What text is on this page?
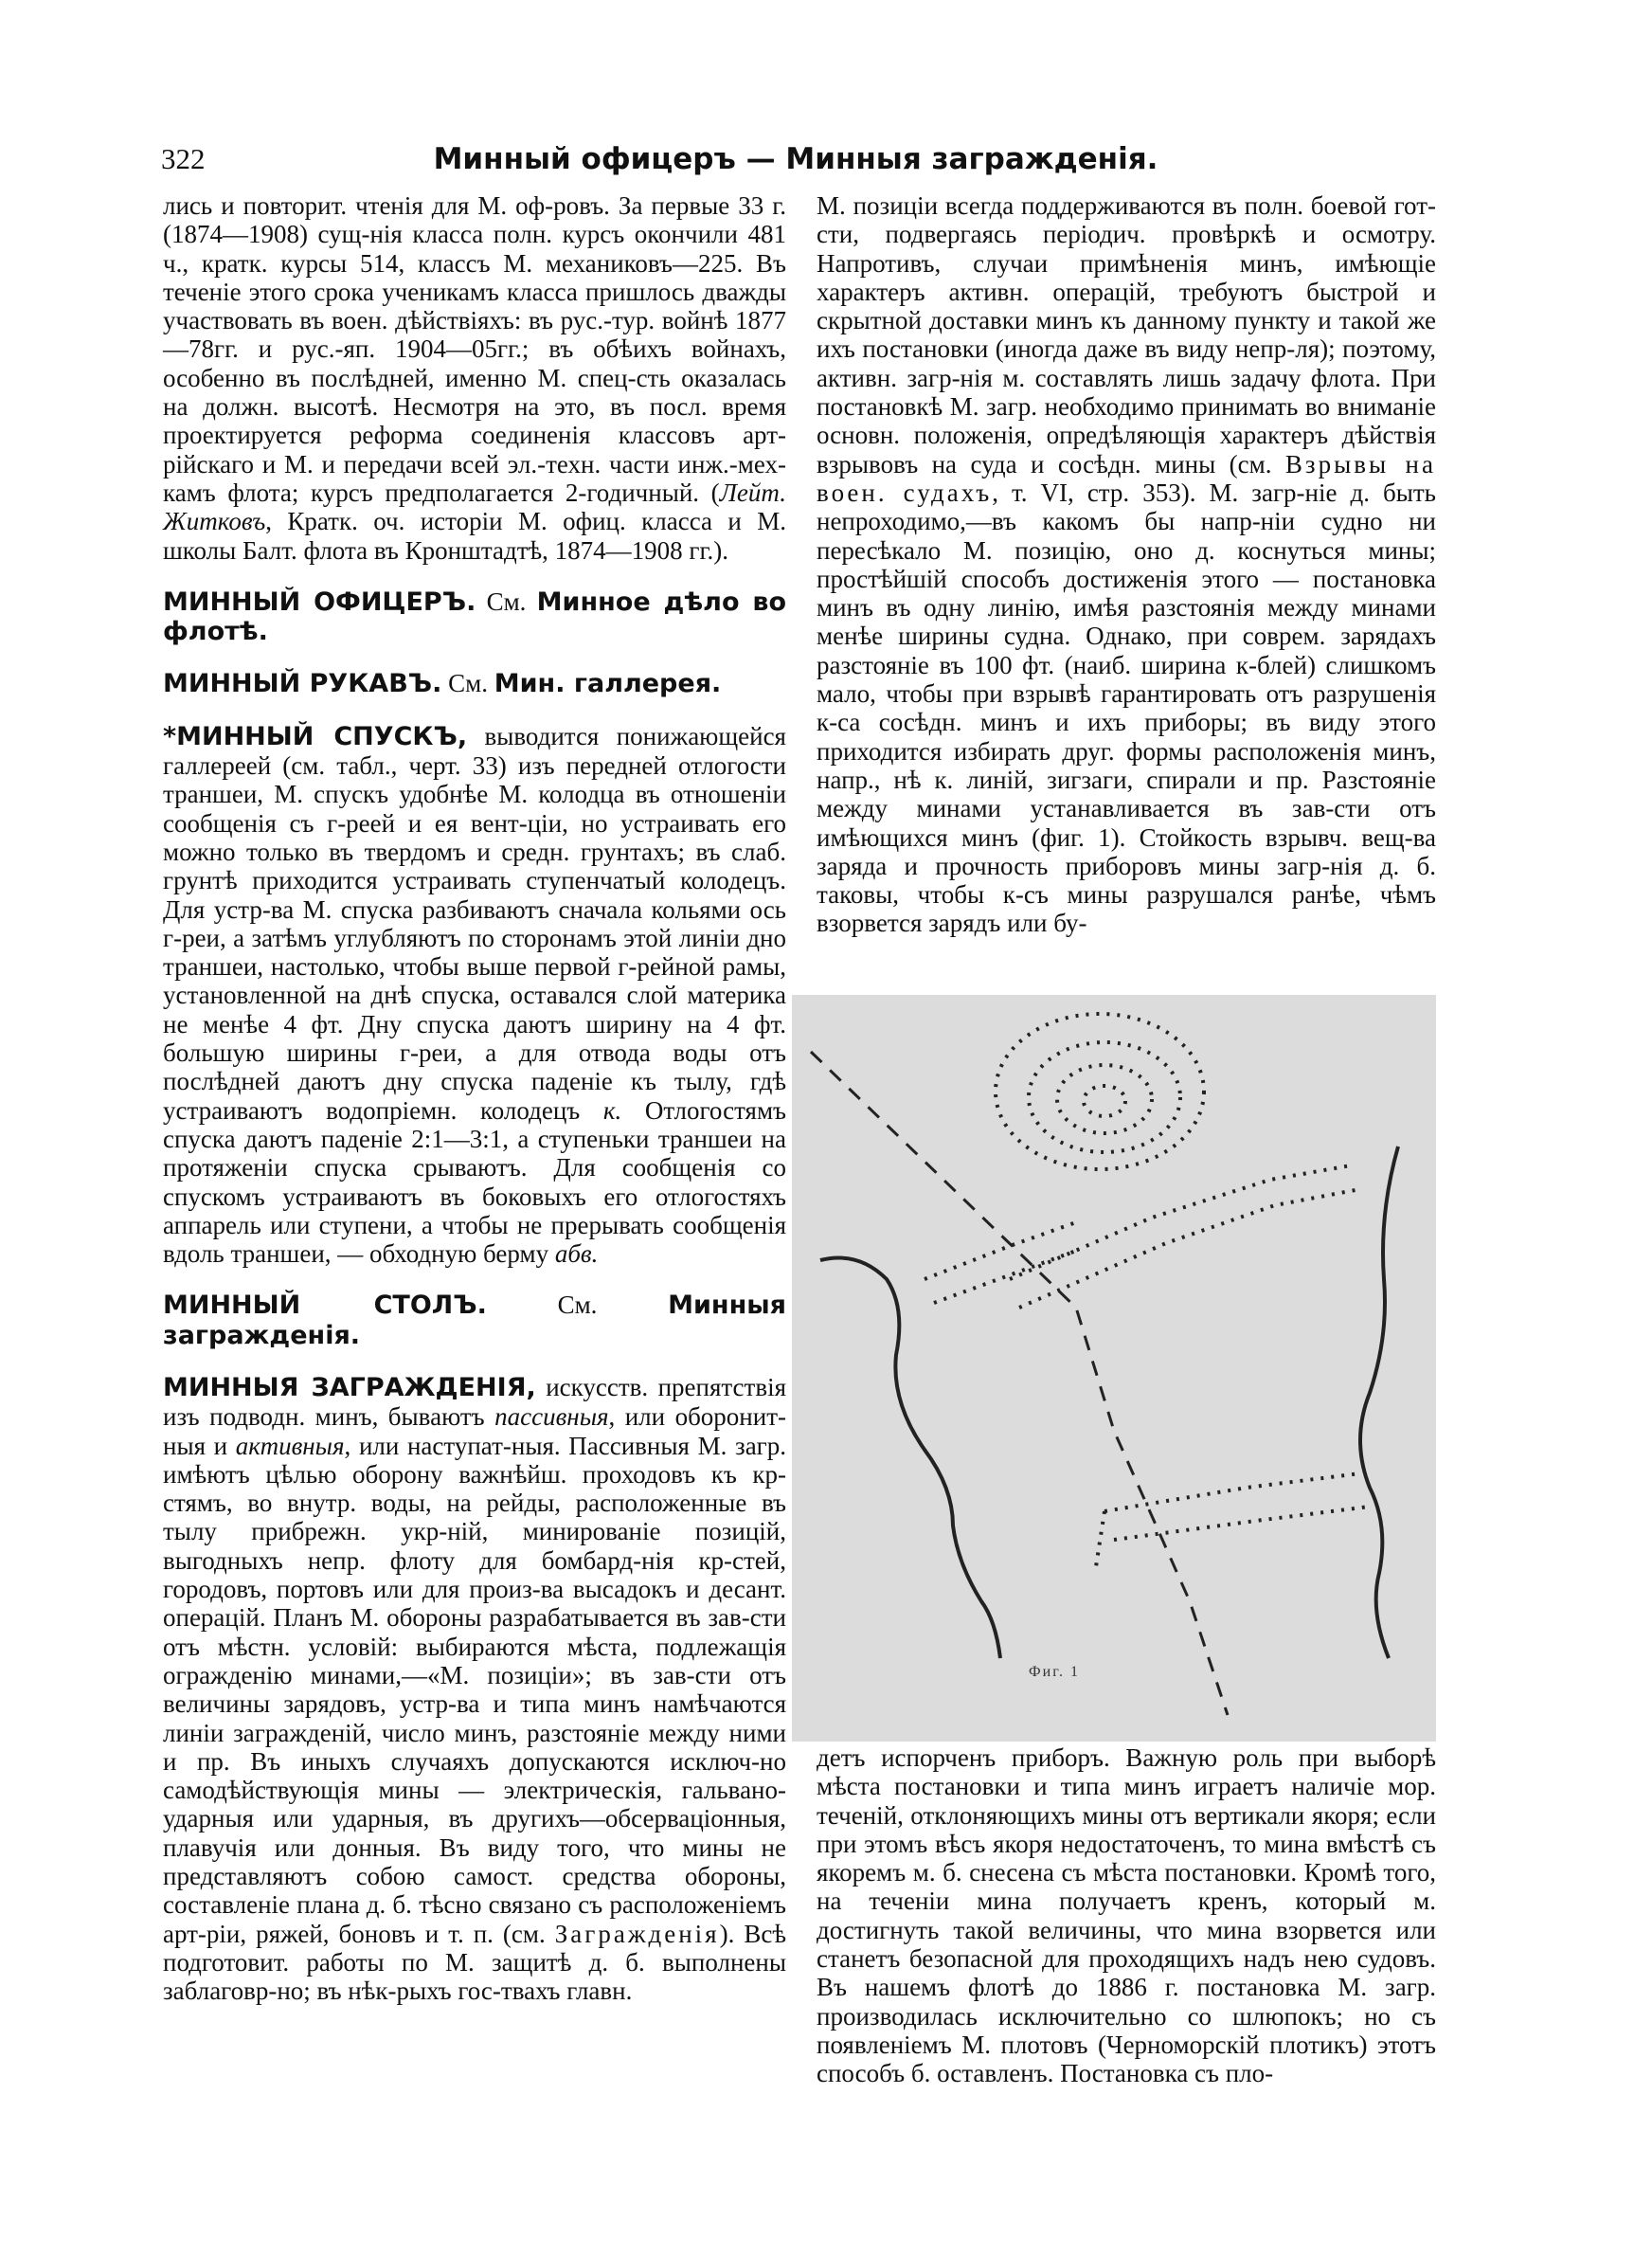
322	Минный офицеръ — Минныя загражденія.

лись и повторит. чтенія для М. оф-ровъ. За первые 33 г. (1874—1908) сущ-нія класса полн. курсъ окончили 481 ч., кратк. курсы 514, классъ М. механиковъ—225. Въ теченіе этого срока ученикамъ класса пришлось дважды участвовать въ воен. дѣйствіяхъ: въ рус.-тур. войнѣ 1877—78гг. и рус.-яп. 1904—05гг.; въ обѣихъ войнахъ, особенно въ послѣдней, именно М. спец-сть оказалась на должн. высотѣ. Несмотря на это, въ посл. время проектируется реформа соединенія классовъ арт-рійскаго и М. и передачи всей эл.-техн. части инж.-мех-камъ флота; курсъ предполагается 2-годичный. (Лейт. Житковъ, Кратк. оч. исторіи М. офиц. класса и М. школы Балт. флота въ Кронштадтѣ, 1874—1908 гг.).

МИННЫЙ ОФИЦЕРЪ. См. Минное дѣло во флотѣ.

МИННЫЙ РУКАВЪ. См. Мин. галлерея.

*МИННЫЙ СПУСКЪ, выводится понижающейся галлереей (см. табл., черт. 33) изъ передней отлогости траншеи, М. спускъ удобнѣе М. колодца въ отношеніи сообщенія съ г-реей и ея вент-ціи, но устраивать его можно только въ твердомъ и средн. грунтахъ; въ слаб. грунтѣ приходится устраивать ступенчатый колодецъ. Для устр-ва М. спуска разбиваютъ сначала кольями ось г-реи, а затѣмъ углубляютъ по сторонамъ этой линіи дно траншеи, настолько, чтобы выше первой г-рейной рамы, установленной на днѣ спуска, оставался слой материка не менѣе 4 фт. Дну спуска даютъ ширину на 4 фт. большую ширины г-реи, а для отвода воды отъ послѣдней даютъ дну спуска паденіе къ тылу, гдѣ устраиваютъ водопріемн. колодецъ к. Отлогостямъ спуска даютъ паденіе 2:1—3:1, а ступеньки траншеи на протяженіи спуска срываютъ. Для сообщенія со спускомъ устраиваютъ въ боковыхъ его отлогостяхъ аппарель или ступени, а чтобы не прерывать сообщенія вдоль траншеи, — обходную берму абв.

МИННЫЙ СТОЛЪ.	См.	Минныя загражденія.

МИННЫЯ ЗАГРАЖДЕНІЯ, искусств. препятствія изъ подводн. минъ, бываютъ пассивныя, или оборонит-ныя и активныя, или наступат-ныя. Пассивныя М. загр. имѣютъ цѣлью оборону важнѣйш. проходовъ къ кр-стямъ, во внутр. воды, на рейды, расположенные въ тылу прибрежн. укр-ній, минированіе позицій, выгодныхъ непр. флоту для бомбард-нія кр-стей, городовъ, портовъ или для произ-ва высадокъ и десант. операцій. Планъ М. обороны разрабатывается въ зав-сти отъ мѣстн. условій: выбираются мѣста, подлежащія огражденію минами,—«М. позиціи»; въ зав-сти отъ величины зарядовъ, устр-ва и типа минъ намѣчаются линіи загражденій, число минъ, разстояніе между ними и пр. Въ иныхъ случаяхъ допускаются исключ-но самодѣйствующія мины — электрическія, гальвано-ударныя или ударныя, въ другихъ—обсерваціонныя, плавучія или донныя. Въ виду того, что мины не представляютъ собою самост. средства обороны, составленіе плана д. б. тѣсно связано съ расположеніемъ арт-ріи, ряжей, боновъ и т. п. (см. Загражденія). Всѣ подготовит. работы по М. защитѣ д. б. выполнены заблаговр-но; въ нѣк-рыхъ гос-твахъ главн.

М. позиціи всегда поддерживаются въ полн. боевой гот-сти, подвергаясь періодич. провѣркѣ и осмотру. Напротивъ, случаи примѣненія минъ, имѣющіе характеръ активн. операцій, требуютъ быстрой и скрытной доставки минъ къ данному пункту и такой же ихъ постановки (иногда даже въ виду непр-ля); поэтому, активн. загр-нія м. составлять лишь задачу флота. При постановкѣ М. загр. необходимо принимать во вниманіе основн. положенія, опредѣляющія характеръ дѣйствія взрывовъ на суда и сосѣдн. мины (см. Взрывы на воен. судахъ, т. VI, стр. 353). М. загр-ніе д. быть непроходимо,—въ какомъ бы напр-ніи судно ни пересѣкало М. позицію, оно д. коснуться мины; простѣйшій способъ достиженія этого — постановка минъ въ одну линію, имѣя разстоянія между минами менѣе ширины судна. Однако, при соврем. зарядахъ разстояніе въ 100 фт. (наиб. ширина к-блей) слишкомъ мало, чтобы при взрывѣ гарантировать отъ разрушенія к-са сосѣдн. минъ и ихъ приборы; въ виду этого приходится избирать друг. формы расположенія минъ, напр., нѣ к. линій, зигзаги, спирали и пр. Разстояніе между минами устанавливается въ зав-сти отъ имѣющихся минъ (фиг. 1). Стойкость взрывч. вещ-ва заряда и прочность приборовъ мины загр-нія д. б. таковы, чтобы к-съ мины разрушался ранѣе, чѣмъ взорвется зарядъ или бу-

Фиг. 1

детъ испорченъ приборъ. Важную роль при выборѣ мѣста постановки и типа минъ играетъ наличіе мор. теченій, отклоняющихъ мины отъ вертикали якоря; если при этомъ вѣсъ якоря недостаточенъ, то мина вмѣстѣ съ якоремъ м. б. снесена съ мѣста постановки. Кромѣ того, на теченіи мина получаетъ кренъ, который м. достигнуть такой величины, что мина взорвется или станетъ безопасной для проходящихъ надъ нею судовъ. Въ нашемъ флотѣ до 1886 г. постановка М. загр. производилась исключительно со шлюпокъ; но съ появленіемъ М. плотовъ (Черноморскій плотикъ) этотъ способъ б. оставленъ. Постановка съ пло-
